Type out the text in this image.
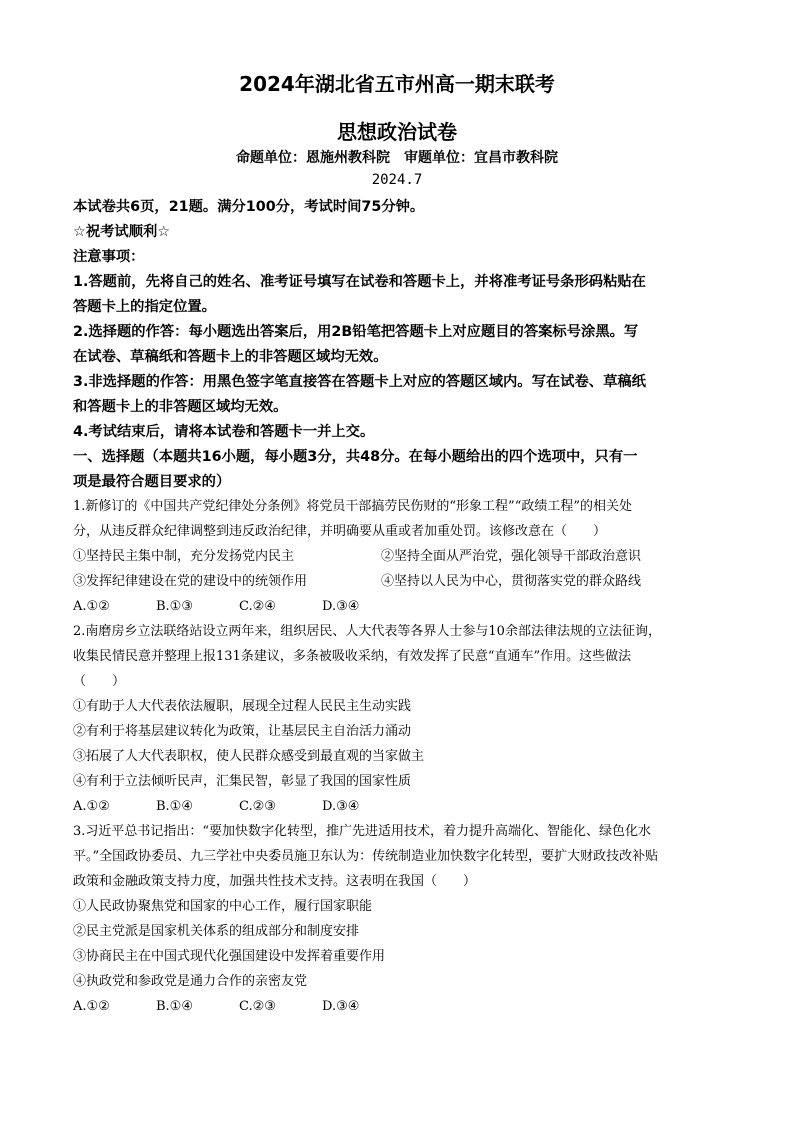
2024年湖北省五市州高一期末联考
思想政治试卷
命题单位：恩施州教科院　审题单位：宜昌市教科院
2024.7
本试卷共6页，21题。满分100分，考试时间75分钟。
☆祝考试顺利☆
注意事项：
1.答题前，先将自己的姓名、准考证号填写在试卷和答题卡上，并将准考证号条形码粘贴在
答题卡上的指定位置。
2.选择题的作答：每小题选出答案后，用2B铅笔把答题卡上对应题目的答案标号涂黑。写
在试卷、草稿纸和答题卡上的非答题区域均无效。
3.非选择题的作答：用黑色签字笔直接答在答题卡上对应的答题区域内。写在试卷、草稿纸
和答题卡上的非答题区域均无效。
4.考试结束后，请将本试卷和答题卡一并上交。
一、选择题（本题共16小题，每小题3分，共48分。在每小题给出的四个选项中，只有一
项是最符合题目要求的）
1.新修订的《中国共产党纪律处分条例》将党员干部搞劳民伤财的“形象工程”“政绩工程”的相关处
分，从违反群众纪律调整到违反政治纪律，并明确要从重或者加重处罚。该修改意在（　　）
①坚持民主集中制，充分发扬党内民主	②坚持全面从严治党，强化领导干部政治意识
③发挥纪律建设在党的建设中的统领作用	④坚持以人民为中心，贯彻落实党的群众路线
A.①②	B.①③	C.②④	D.③④
2.南磨房乡立法联络站设立两年来，组织居民、人大代表等各界人士参与10余部法律法规的立法征询，
收集民情民意并整理上报131条建议，多条被吸收采纳，有效发挥了民意“直通车”作用。这些做法
（　　）
①有助于人大代表依法履职，展现全过程人民民主生动实践
②有利于将基层建议转化为政策，让基层民主自治活力涌动
③拓展了人大代表职权，使人民群众感受到最直观的当家做主
④有利于立法倾听民声，汇集民智，彰显了我国的国家性质
A.①②	B.①④	C.②③	D.③④
3.习近平总书记指出：“要加快数字化转型，推广先进适用技术，着力提升高端化、智能化、绿色化水
平。”全国政协委员、九三学社中央委员施卫东认为：传统制造业加快数字化转型，要扩大财政技改补贴
政策和金融政策支持力度，加强共性技术支持。这表明在我国（　　）
①人民政协聚焦党和国家的中心工作，履行国家职能
②民主党派是国家机关体系的组成部分和制度安排
③协商民主在中国式现代化强国建设中发挥着重要作用
④执政党和参政党是通力合作的亲密友党
A.①②	B.①④	C.②③	D.③④
